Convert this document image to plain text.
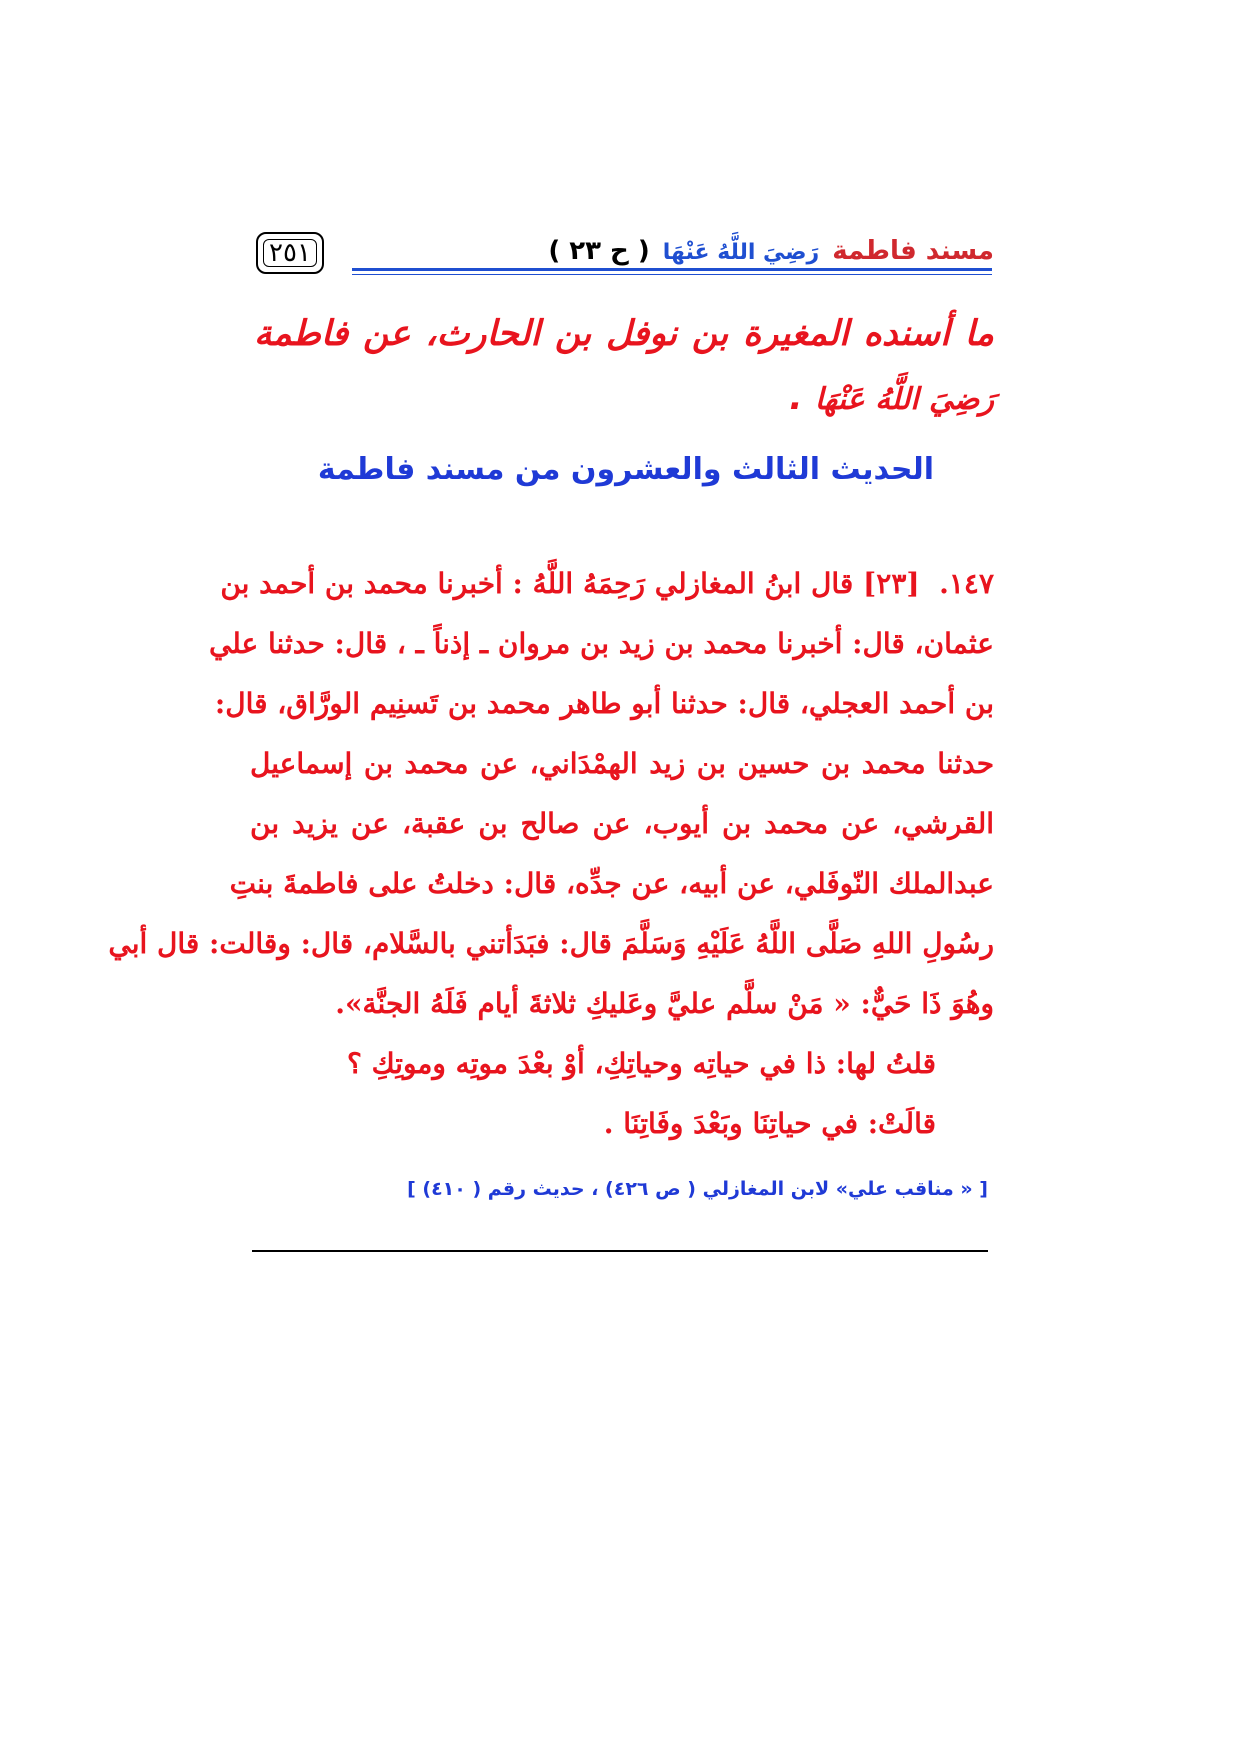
٢٥١	مسند فاطمة رَضِيَ اللَّهُ عَنْهَا ( ح ٢٣ )
ما أسنده المغيرة بن نوفل بن الحارث، عن فاطمة رَضِيَ اللَّهُ عَنْهَا .
الحديث الثالث والعشرون من مسند فاطمة
١٤٧.  [٢٣] قال ابنُ المغازلي رَحِمَهُ اللَّهُ : أخبرنا محمد بن أحمد بن
عثمان، قال: أخبرنا محمد بن زيد بن مروان ـ إذناً ـ ، قال: حدثنا علي
بن أحمد العجلي، قال: حدثنا أبو طاهر محمد بن تَسنِيم الورَّاق، قال:
حدثنا محمد بن حسين بن زيد الهمْدَاني، عن محمد بن إسماعيل
القرشي، عن محمد بن أيوب، عن صالح بن عقبة، عن يزيد بن
عبدالملك النّوفَلي، عن أبيه، عن جدِّه، قال: دخلتُ على فاطمةَ بنتِ
رسُولِ اللهِ صَلَّى اللَّهُ عَلَيْهِ وَسَلَّمَ قال: فبَدَأتني بالسَّلام، قال: وقالت: قال أبي
وهُوَ ذَا حَيٌّ: « مَنْ سلَّم عليَّ وعَليكِ ثلاثةَ أيام فَلَهُ الجنَّة».
قلتُ لها: ذا في حياتِه وحياتِكِ، أوْ بعْدَ موتِه وموتِكِ ؟
قالَتْ: في حياتِنَا وبَعْدَ وفَاتِنَا .
[ « مناقب علي» لابن المغازلي ( ص ٤٢٦) ، حديث رقم ( ٤١٠) ]
